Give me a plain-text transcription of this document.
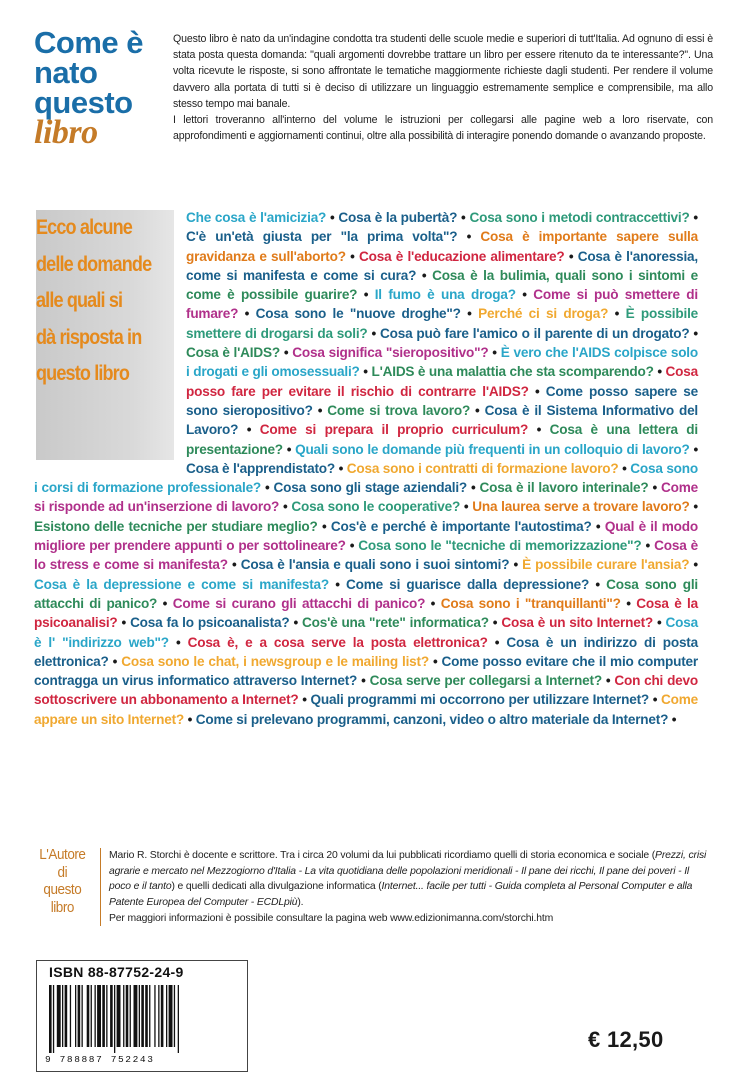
Come è
nato
questo
libro

Questo libro è nato da un'indagine condotta tra studenti delle scuole medie e superiori di tutt'Italia. Ad ognuno di essi è stata posta questa domanda: "quali argomenti dovrebbe trattare un libro per essere ritenuto da te interessante?". Una volta ricevute le risposte, si sono affrontate le tematiche maggiormente richieste dagli studenti. Per rendere il volume davvero alla portata di tutti si è deciso di utilizzare un linguaggio estremamente semplice e comprensibile, ma allo stesso tempo mai banale.

I lettori troveranno all'interno del volume le istruzioni per collegarsi alle pagine web a loro riservate, con approfondimenti e aggiornamenti continui, oltre alla possibilità di interagire ponendo domande o avanzando proposte.

Ecco alcune
delle domande
alle quali si
dà risposta in
questo libro
Che cosa è l'amicizia? • Cosa è la pubertà? • Cosa sono i metodi contraccettivi? • C'è un'età giusta per "la prima volta"? • Cosa è importante sapere sulla gravidanza e sull'aborto? • Cosa è l'educazione alimentare? • Cosa è l'anoressia, come si manifesta e come si cura? • Cosa è la bulimia, quali sono i sintomi e come è possibile guarire? • Il fumo è una droga? • Come si può smettere di fumare? • Cosa sono le "nuove droghe"? • Perché ci si droga? • È possibile smettere di drogarsi da soli? • Cosa può fare l'amico o il parente di un drogato? • Cosa è l'AIDS? • Cosa significa "sieropositivo"? • È vero che l'AIDS colpisce solo i drogati e gli omosessuali? • L'AIDS è una malattia che sta scomparendo? • Cosa posso fare per evitare il rischio di contrarre l'AIDS? • Come posso sapere se sono sieropositivo? • Come si trova lavoro? • Cosa è il Sistema Informativo del Lavoro? • Come si prepara il proprio curriculum? • Cosa è una lettera di presentazione? • Quali sono le domande più frequenti in un colloquio di lavoro? • Cosa è l'apprendistato? • Cosa sono i contratti di formazione lavoro? • Cosa sono i corsi di formazione professionale? • Cosa sono gli stage aziendali? • Cosa è il lavoro interinale? • Come si risponde ad un'inserzione di lavoro? • Cosa sono le cooperative? • Una laurea serve a trovare lavoro? • Esistono delle tecniche per studiare meglio? • Cos'è e perché è importante l'autostima? • Qual è il modo migliore per prendere appunti o per sottolineare? • Cosa sono le "tecniche di memorizzazione"? • Cosa è lo stress e come si manifesta? • Cosa è l'ansia e quali sono i suoi sintomi? • È possibile curare l'ansia? • Cosa è la depressione e come si manifesta? • Come si guarisce dalla depressione? • Cosa sono gli attacchi di panico? • Come si curano gli attacchi di panico? • Cosa sono i "tranquillanti"? • Cosa è la psicoanalisi? • Cosa fa lo psicoanalista? • Cos'è una "rete" informatica? • Cosa è un sito Internet? • Cosa è l' "indirizzo web"? • Cosa è, e a cosa serve la posta elettronica? • Cosa è un indirizzo di posta elettronica? • Cosa sono le chat, i newsgroup e le mailing list? • Come posso evitare che il mio computer contragga un virus informatico attraverso Internet? • Cosa serve per collegarsi a Internet? • Con chi devo sottoscrivere un abbonamento a Internet? • Quali programmi mi occorrono per utilizzare Internet? • Come appare un sito Internet? • Come si prelevano programmi, canzoni, video o altro materiale da Internet? •
L'Autore
di
questo
libro

Mario R. Storchi è docente e scrittore. Tra i circa 20 volumi da lui pubblicati ricordiamo quelli di storia economica e sociale (Prezzi, crisi agrarie e mercato nel Mezzogiorno d'Italia - La vita quotidiana delle popolazioni meridionali - Il pane dei ricchi, Il pane dei poveri - Il poco e il tanto) e quelli dedicati alla divulgazione informatica (Internet... facile per tutti - Guida completa al Personal Computer e alla Patente Europea del Computer - ECDLpiù).

Per maggiori informazioni è possibile consultare la pagina web www.edizionimanna.com/storchi.htm

ISBN 88-87752-24-9
9 788887 752243
€ 12,50
